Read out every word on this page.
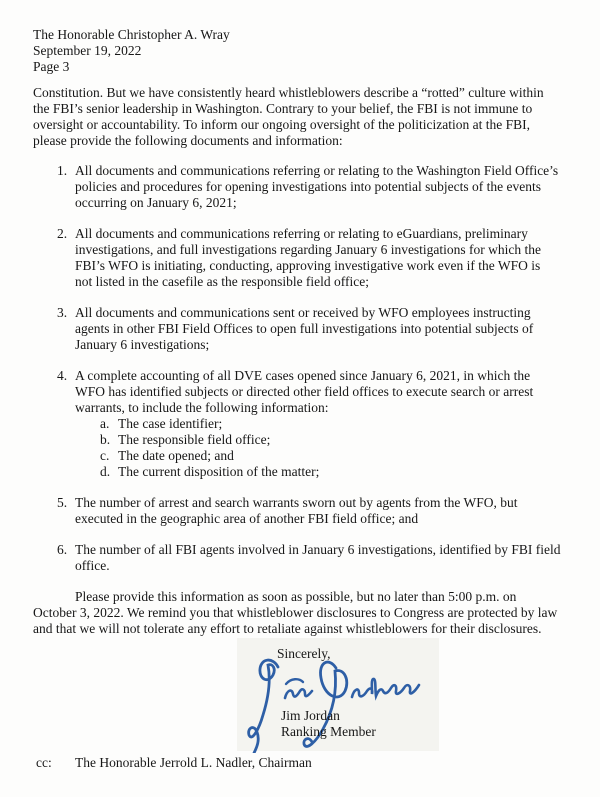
The Honorable Christopher A. Wray
September 19, 2022
Page 3
Constitution. But we have consistently heard whistleblowers describe a “rotted” culture within
the FBI’s senior leadership in Washington. Contrary to your belief, the FBI is not immune to
oversight or accountability. To inform our ongoing oversight of the politicization at the FBI,
please provide the following documents and information:
1. All documents and communications referring or relating to the Washington Field Office’s
policies and procedures for opening investigations into potential subjects of the events
occurring on January 6, 2021;
2. All documents and communications referring or relating to eGuardians, preliminary
investigations, and full investigations regarding January 6 investigations for which the
FBI’s WFO is initiating, conducting, approving investigative work even if the WFO is
not listed in the casefile as the responsible field office;
3. All documents and communications sent or received by WFO employees instructing
agents in other FBI Field Offices to open full investigations into potential subjects of
January 6 investigations;
4. A complete accounting of all DVE cases opened since January 6, 2021, in which the
WFO has identified subjects or directed other field offices to execute search or arrest
warrants, to include the following information:
a. The case identifier;
b. The responsible field office;
c. The date opened; and
d. The current disposition of the matter;
5. The number of arrest and search warrants sworn out by agents from the WFO, but
executed in the geographic area of another FBI field office; and
6. The number of all FBI agents involved in January 6 investigations, identified by FBI field
office.
Please provide this information as soon as possible, but no later than 5:00 p.m. on
October 3, 2022. We remind you that whistleblower disclosures to Congress are protected by law
and that we will not tolerate any effort to retaliate against whistleblowers for their disclosures.
Sincerely,
Jim Jordan
Ranking Member
cc:	The Honorable Jerrold L. Nadler, Chairman
